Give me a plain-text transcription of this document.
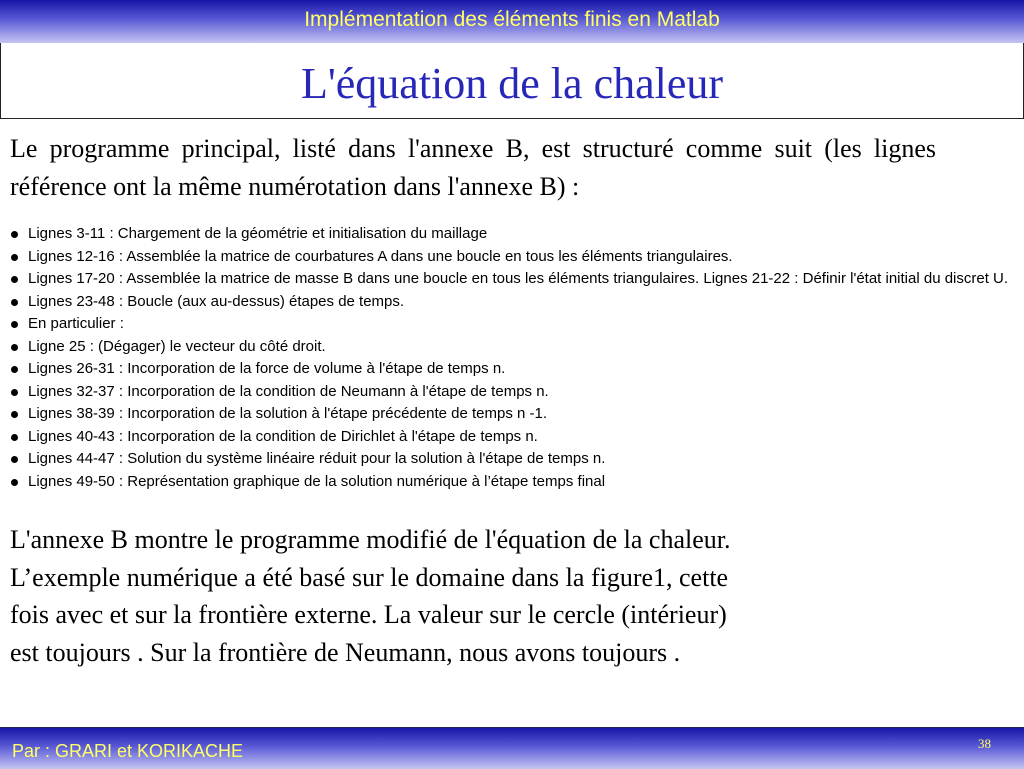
Implémentation des éléments finis en Matlab
L'équation de la chaleur
Le programme principal, listé dans l'annexe B, est structuré comme suit (les lignes référence ont la même numérotation dans l'annexe B) :
Lignes 3-11 : Chargement de la géométrie et initialisation du maillage
Lignes 12-16 : Assemblée la matrice de courbatures A dans une boucle en tous les éléments triangulaires.
Lignes 17-20 : Assemblée la matrice de masse B dans une boucle en tous les éléments triangulaires. Lignes 21-22 : Définir l'état initial du discret U.
Lignes 23-48 : Boucle (aux au-dessus) étapes de temps.
En particulier :
Ligne 25 : (Dégager) le vecteur du côté droit.
Lignes 26-31 : Incorporation de la force de volume à l'étape de temps n.
Lignes 32-37 : Incorporation de la condition de Neumann à l'étape de temps n.
Lignes 38-39 : Incorporation de la solution à l'étape précédente de temps n -1.
Lignes 40-43 : Incorporation de la condition de Dirichlet à l'étape de temps n.
Lignes 44-47 : Solution du système linéaire réduit pour la solution à l'étape de temps n.
Lignes 49-50 : Représentation graphique de la solution numérique à l’étape temps final
L'annexe B montre le programme modifié de l'équation de la chaleur.
L’exemple numérique a été basé sur le domaine dans la figure1, cette
fois avec et sur la frontière externe. La valeur sur le cercle (intérieur)
est toujours . Sur la frontière de Neumann, nous avons toujours .
Par : GRARI et KORIKACHE	38
